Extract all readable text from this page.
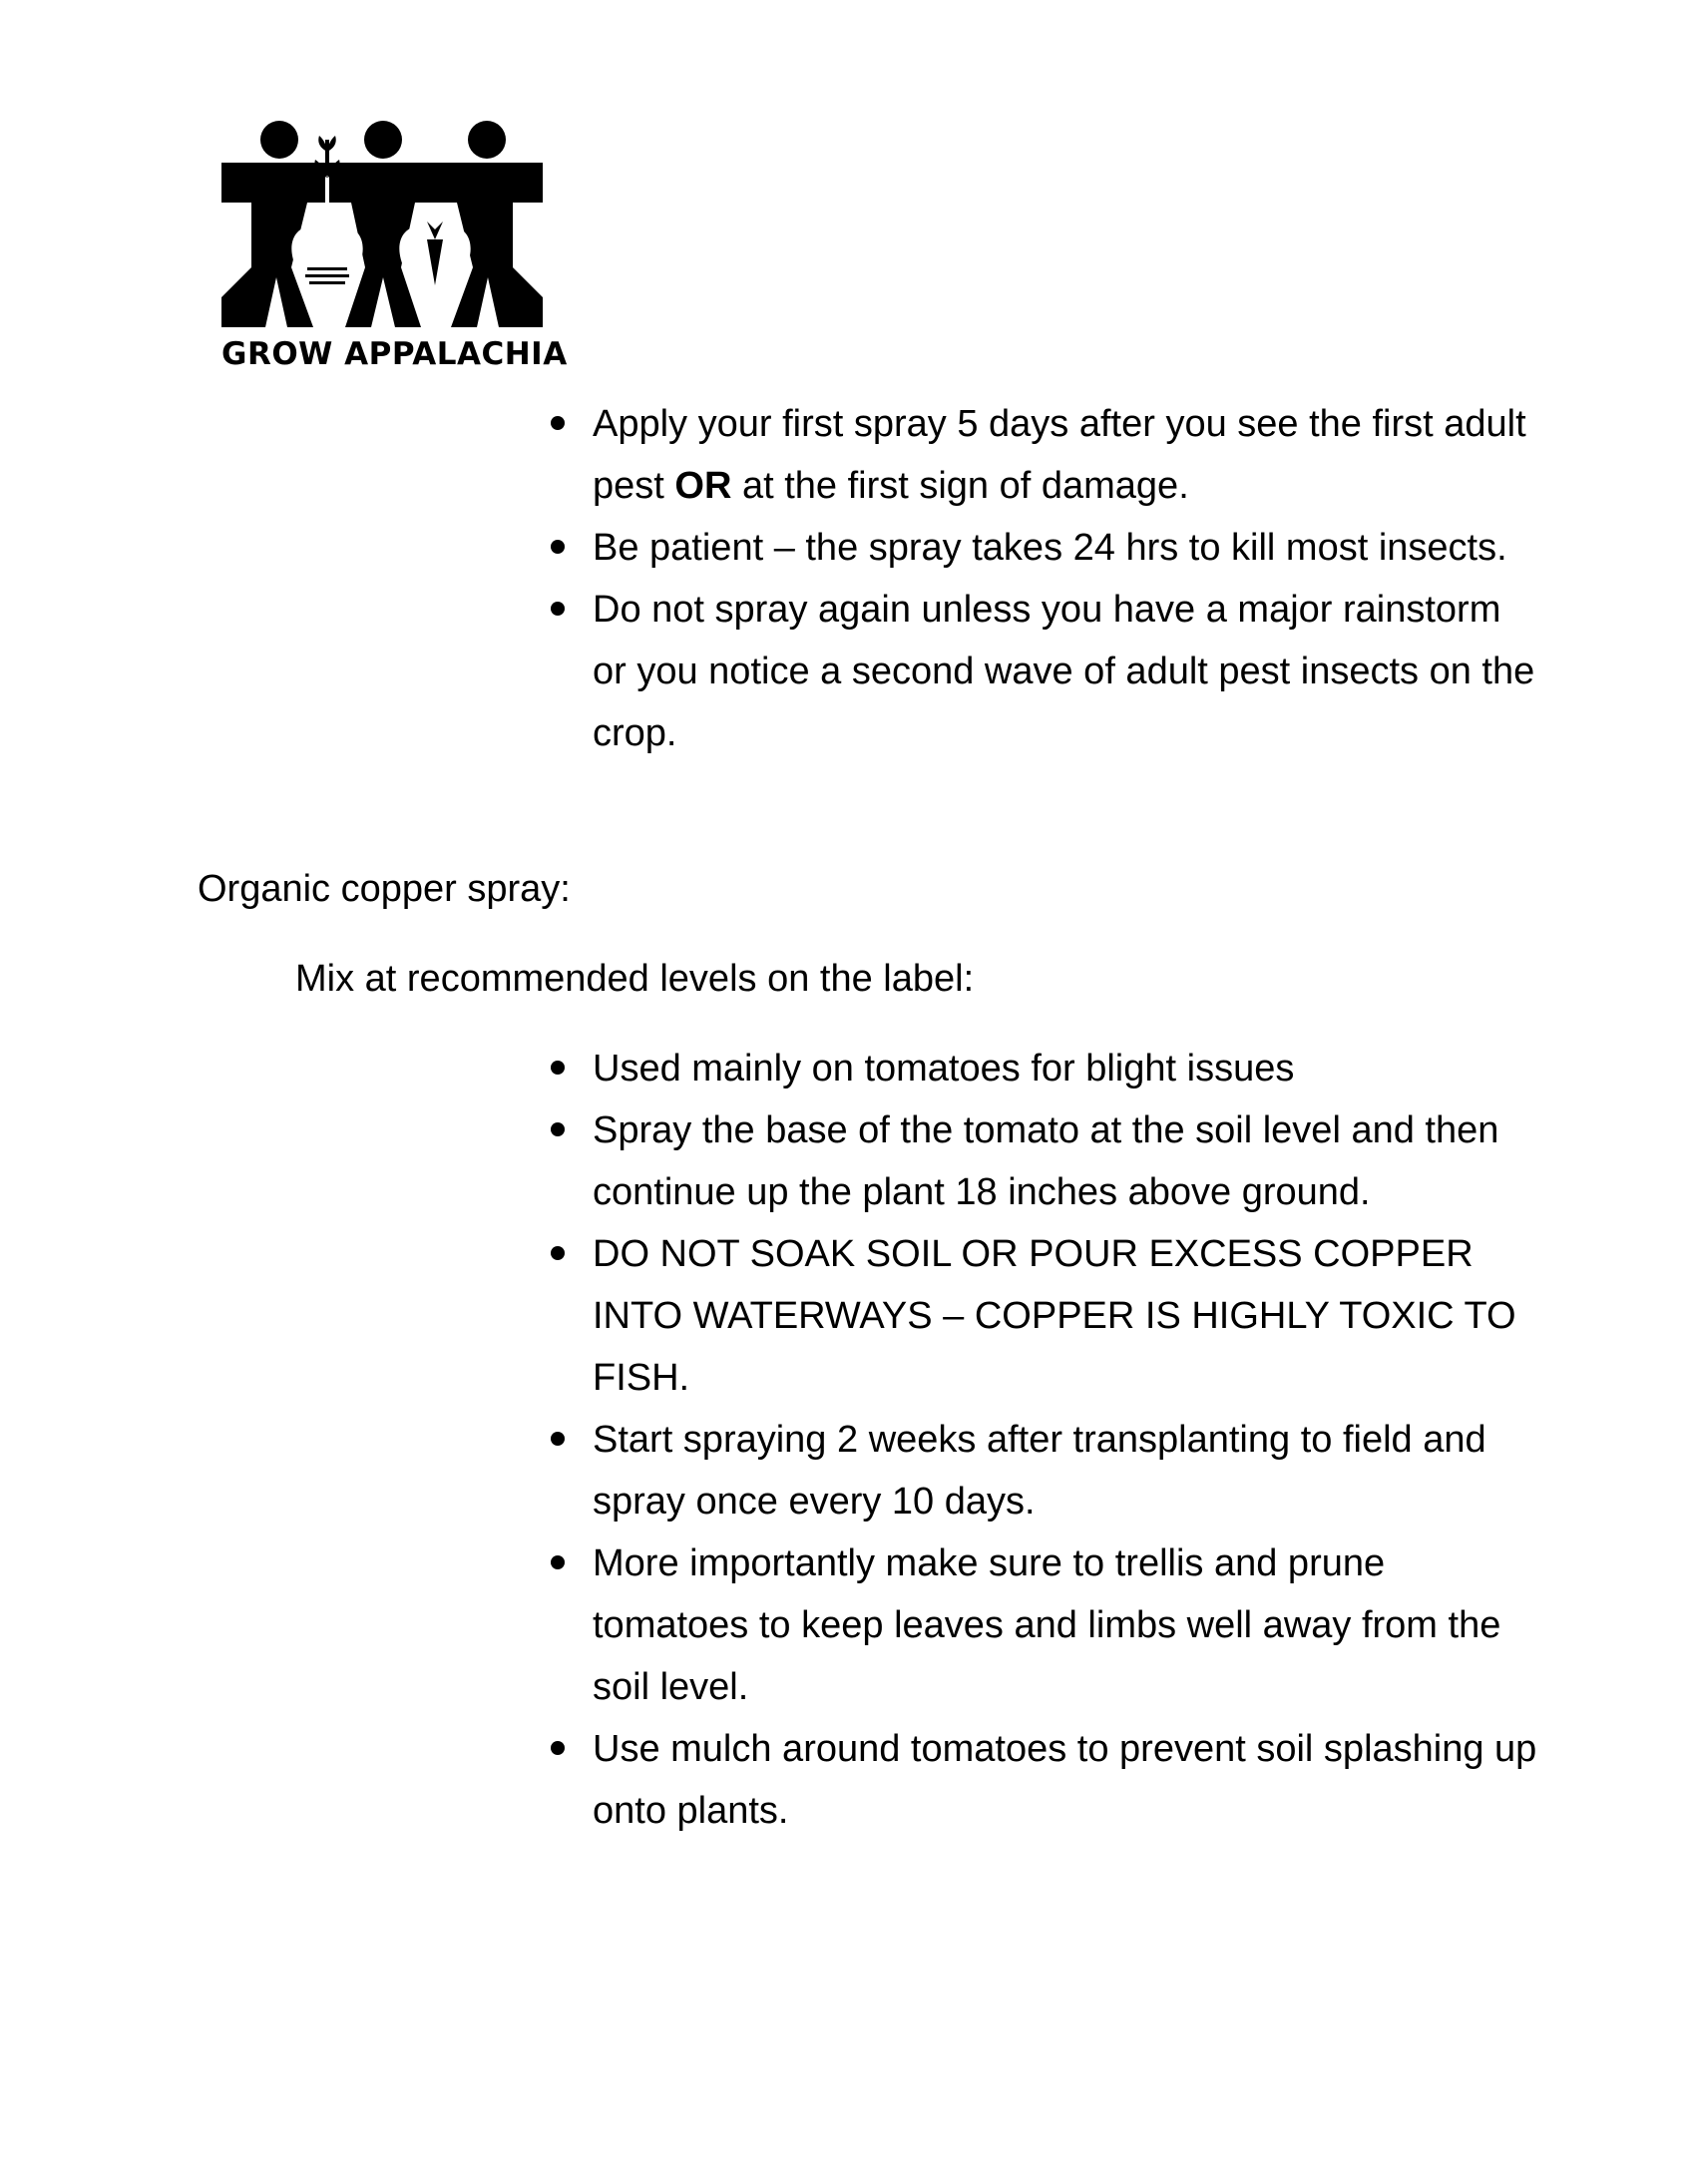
GROW APPALACHIA
Apply your first spray 5 days after you see the first adult pest OR at the first sign of damage.
Be patient – the spray takes 24 hrs to kill most insects.
Do not spray again unless you have a major rainstorm or you notice a second wave of adult pest insects on the crop.

Organic copper spray:

Mix at recommended levels on the label:

Used mainly on tomatoes for blight issues
Spray the base of the tomato at the soil level and then continue up the plant 18 inches above ground.
DO NOT SOAK SOIL OR POUR EXCESS COPPER INTO WATERWAYS – COPPER IS HIGHLY TOXIC TO FISH.
Start spraying 2 weeks after transplanting to field and spray once every 10 days.
More importantly make sure to trellis and prune tomatoes to keep leaves and limbs well away from the soil level.
Use mulch around tomatoes to prevent soil splashing up onto plants.
